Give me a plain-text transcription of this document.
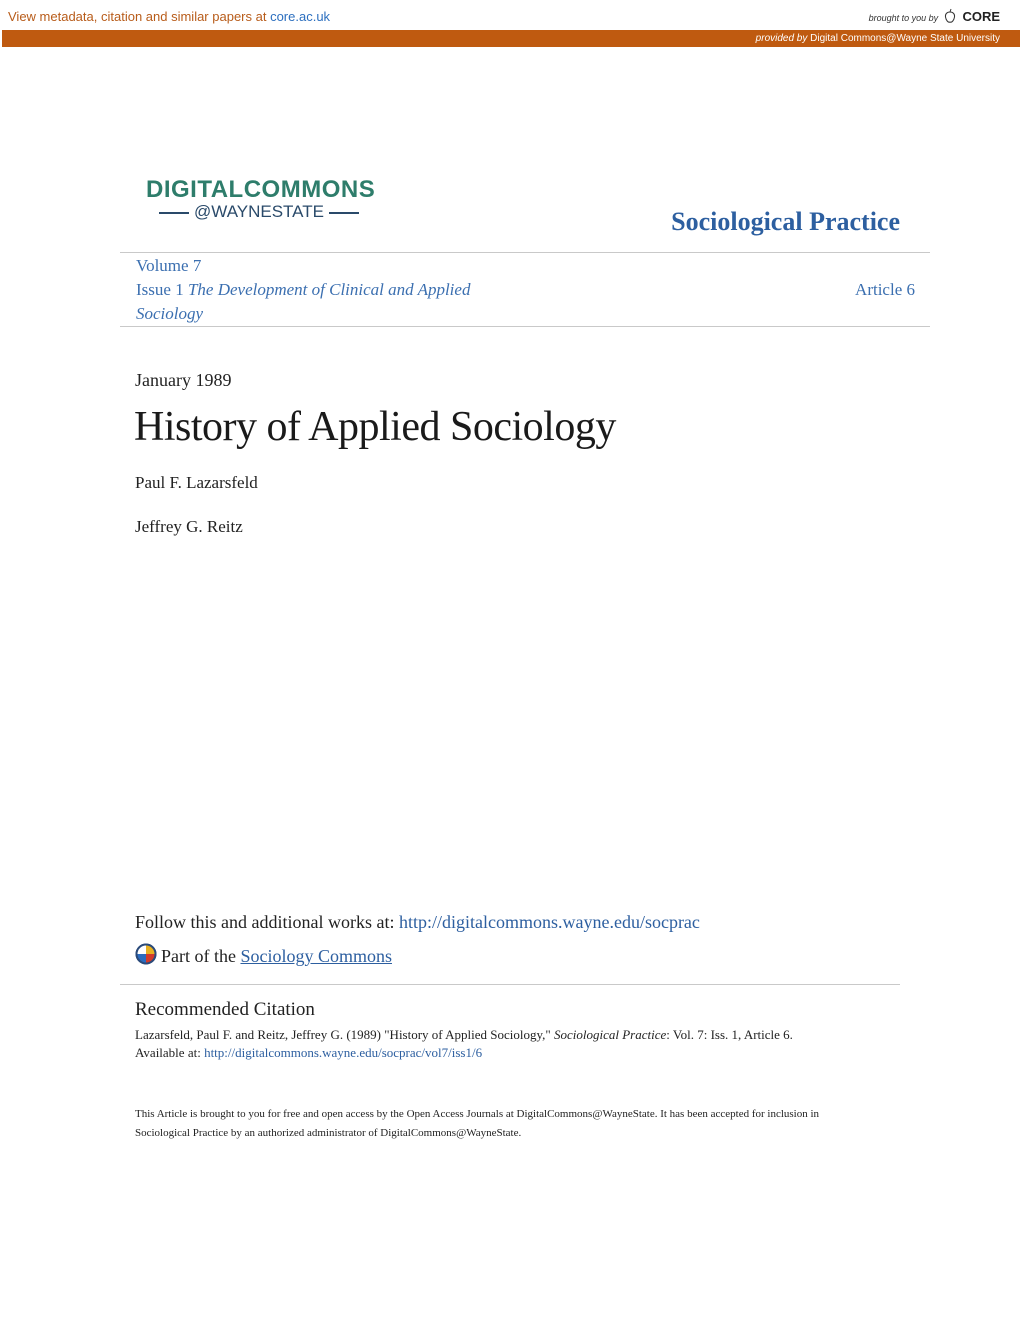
View metadata, citation and similar papers at core.ac.uk	brought to you by CORE
provided by Digital Commons@Wayne State University
DIGITALCOMMONS
@WAYNESTATE	Sociological Practice
Volume 7
Issue 1 The Development of Clinical and Applied
Sociology
Article 6
January 1989
History of Applied Sociology
Paul F. Lazarsfeld
Jeffrey G. Reitz
Follow this and additional works at: http://digitalcommons.wayne.edu/socprac
Part of the Sociology Commons
Recommended Citation
Lazarsfeld, Paul F. and Reitz, Jeffrey G. (1989) "History of Applied Sociology," Sociological Practice: Vol. 7: Iss. 1, Article 6.
Available at: http://digitalcommons.wayne.edu/socprac/vol7/iss1/6
This Article is brought to you for free and open access by the Open Access Journals at DigitalCommons@WayneState. It has been accepted for inclusion in Sociological Practice by an authorized administrator of DigitalCommons@WayneState.
